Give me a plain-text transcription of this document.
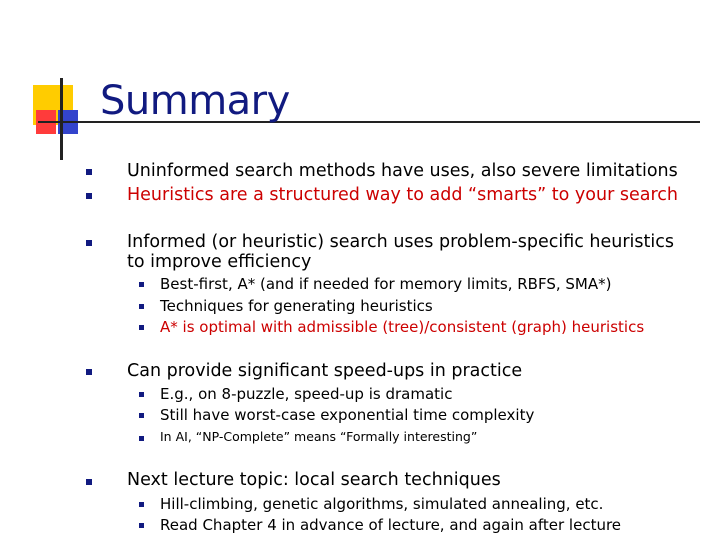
Summary
Uninformed search methods have uses, also severe limitations
Heuristics are a structured way to add “smarts” to your search
Informed (or heuristic) search uses problem-specific heuristics
to improve efficiency
Best-first, A* (and if needed for memory limits, RBFS, SMA*)
Techniques for generating heuristics
A* is optimal with admissible (tree)/consistent (graph) heuristics
Can provide significant speed-ups in practice
E.g., on 8-puzzle, speed-up is dramatic
Still have worst-case exponential time complexity
In AI, “NP-Complete” means “Formally interesting”
Next lecture topic: local search techniques
Hill-climbing, genetic algorithms, simulated annealing, etc.
Read Chapter 4 in advance of lecture, and again after lecture
